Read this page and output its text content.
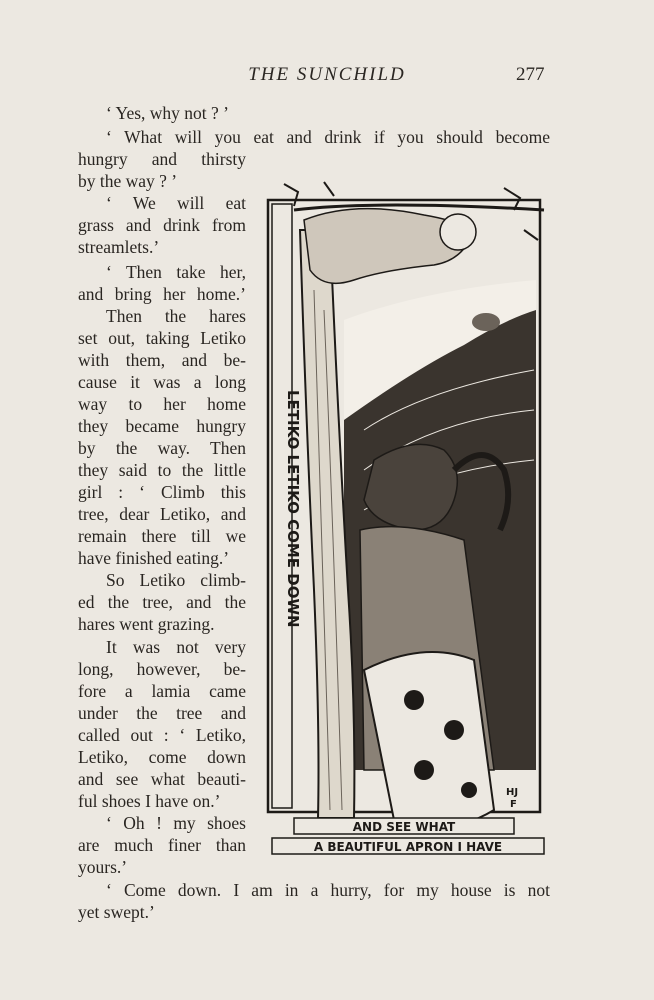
THE SUNCHILD	277
‘ Yes, why not ? ’
‘ What will you eat and drink if you should become
hungry and thirsty
by the way ? ’
‘ We will eat
grass and drink from
streamlets.’
‘ Then take her,
and bring her home.’
Then the hares
set out, taking Letiko
with them, and be-
cause it was a long
way to her home
they became hungry
by the way. Then
they said to the little
girl : ‘ Climb this
tree, dear Letiko, and
remain there till we
have finished eating.’
So Letiko climb-
ed the tree, and the
hares went grazing.
It was not very
long, however, be-
fore a lamia came
under the tree and
called out : ‘ Letiko,
Letiko, come down
and see what beauti-
ful shoes I have on.’
‘ Oh ! my shoes
are much finer than
yours.’
‘ Come down. I am in a hurry, for my house is not
yet swept.’
HJ
F
LETIKO LETIKO COME DOWN
AND SEE WHAT
A BEAUTIFUL APRON I HAVE
